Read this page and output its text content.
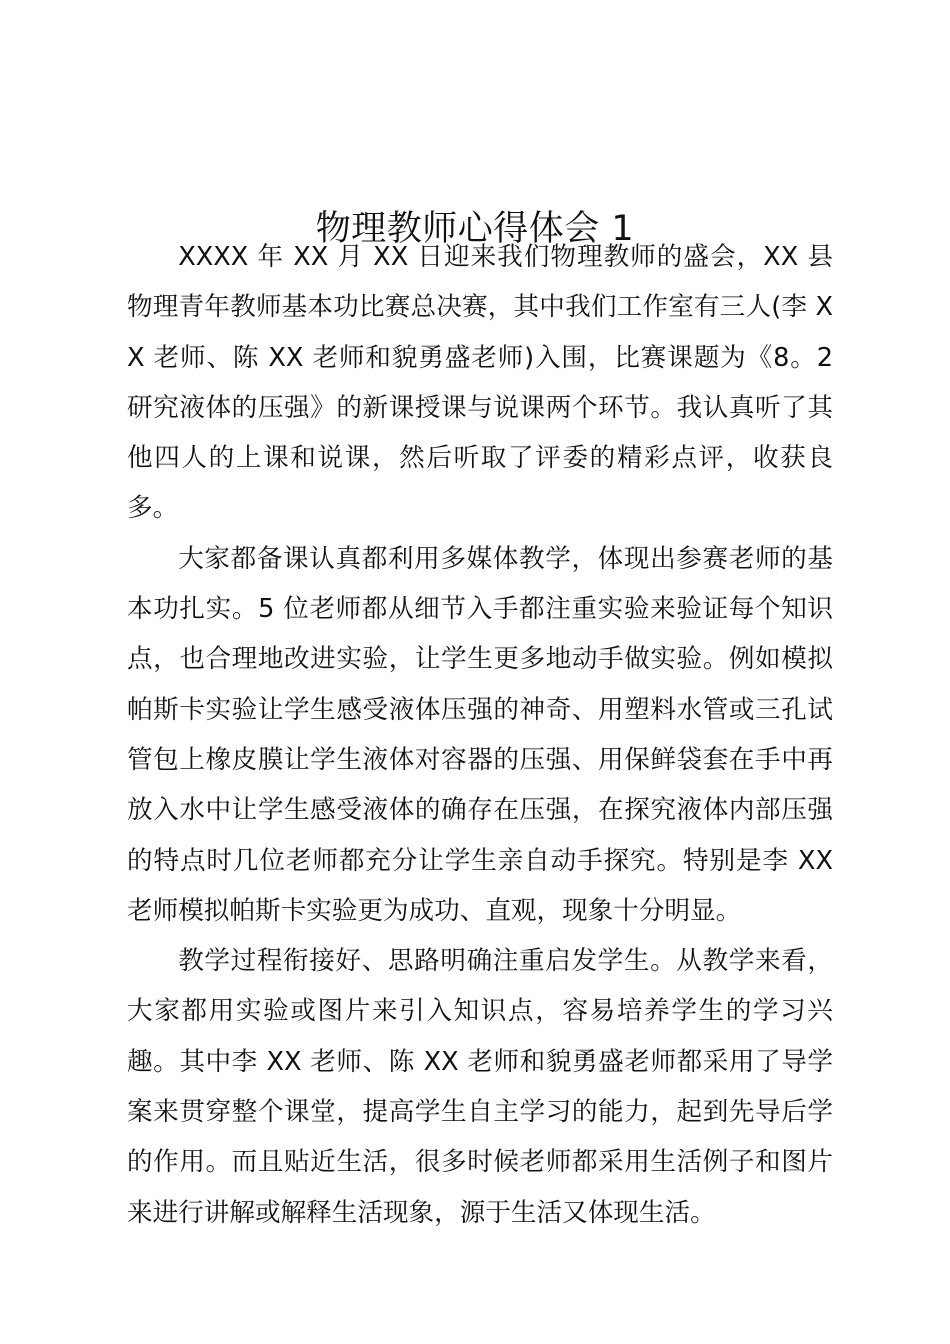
物理教师心得体会 1

XXXX 年 XX 月 XX 日迎来我们物理教师的盛会，XX 县物理青年教师基本功比赛总决赛，其中我们工作室有三人(李 XX 老师、陈 XX 老师和貌勇盛老师)入围，比赛课题为《8。2 研究液体的压强》的新课授课与说课两个环节。我认真听了其他四人的上课和说课，然后听取了评委的精彩点评，收获良多。

大家都备课认真都利用多媒体教学，体现出参赛老师的基本功扎实。5 位老师都从细节入手都注重实验来验证每个知识点，也合理地改进实验，让学生更多地动手做实验。例如模拟帕斯卡实验让学生感受液体压强的神奇、用塑料水管或三孔试管包上橡皮膜让学生液体对容器的压强、用保鲜袋套在手中再放入水中让学生感受液体的确存在压强，在探究液体内部压强的特点时几位老师都充分让学生亲自动手探究。特别是李 XX 老师模拟帕斯卡实验更为成功、直观，现象十分明显。

教学过程衔接好、思路明确注重启发学生。从教学来看，大家都用实验或图片来引入知识点，容易培养学生的学习兴趣。其中李 XX 老师、陈 XX 老师和貌勇盛老师都采用了导学案来贯穿整个课堂，提高学生自主学习的能力，起到先导后学的作用。而且贴近生活，很多时候老师都采用生活例子和图片来进行讲解或解释生活现象，源于生活又体现生活。
